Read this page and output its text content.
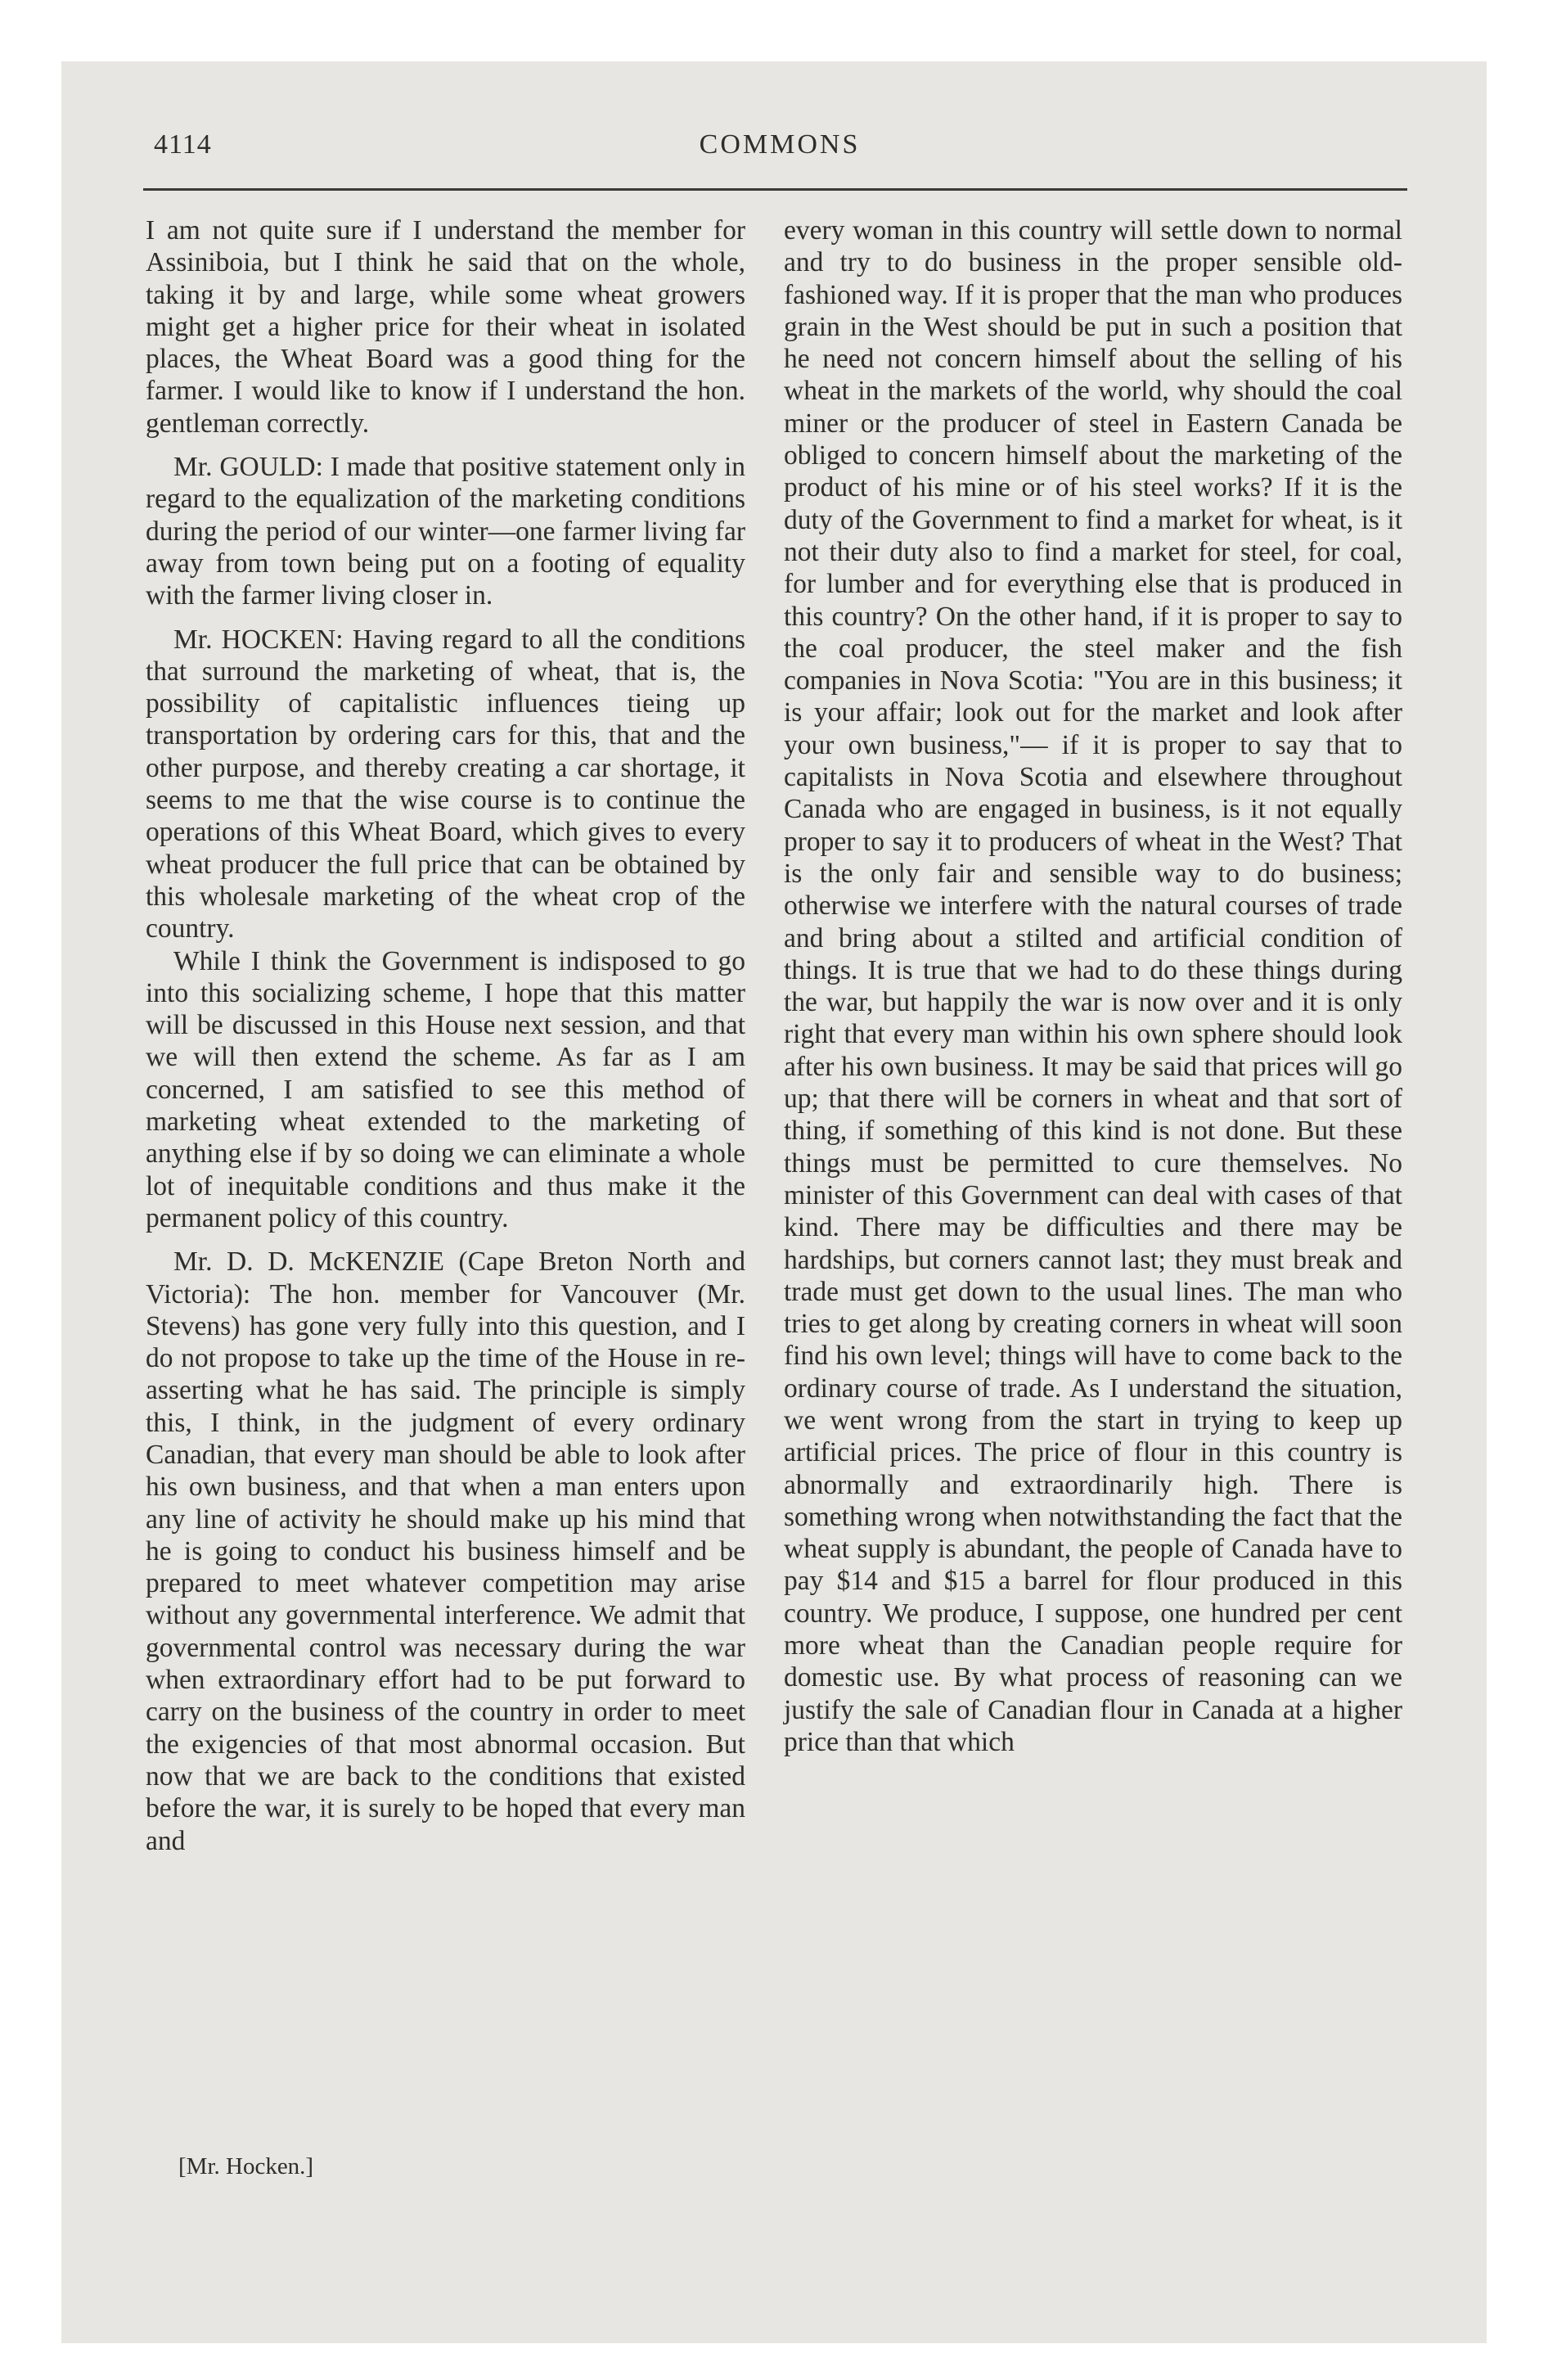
4114	COMMONS

I am not quite sure if I understand the member for Assiniboia, but I think he said that on the whole, taking it by and large, while some wheat growers might get a higher price for their wheat in isolated places, the Wheat Board was a good thing for the farmer. I would like to know if I understand the hon. gentleman correctly.

Mr. GOULD: I made that positive statement only in regard to the equalization of the marketing conditions during the period of our winter—one farmer living far away from town being put on a footing of equality with the farmer living closer in.

Mr. HOCKEN: Having regard to all the conditions that surround the marketing of wheat, that is, the possibility of capitalistic influences tieing up transportation by ordering cars for this, that and the other purpose, and thereby creating a car shortage, it seems to me that the wise course is to continue the operations of this Wheat Board, which gives to every wheat producer the full price that can be obtained by this wholesale marketing of the wheat crop of the country.

While I think the Government is indisposed to go into this socializing scheme, I hope that this matter will be discussed in this House next session, and that we will then extend the scheme. As far as I am concerned, I am satisfied to see this method of marketing wheat extended to the marketing of anything else if by so doing we can eliminate a whole lot of inequitable conditions and thus make it the permanent policy of this country.

Mr. D. D. McKENZIE (Cape Breton North and Victoria): The hon. member for Vancouver (Mr. Stevens) has gone very fully into this question, and I do not propose to take up the time of the House in re-asserting what he has said. The principle is simply this, I think, in the judgment of every ordinary Canadian, that every man should be able to look after his own business, and that when a man enters upon any line of activity he should make up his mind that he is going to conduct his business himself and be prepared to meet whatever competition may arise without any governmental interference. We admit that governmental control was necessary during the war when extraordinary effort had to be put forward to carry on the business of the country in order to meet the exigencies of that most abnormal occasion. But now that we are back to the conditions that existed before the war, it is surely to be hoped that every man and

every woman in this country will settle down to normal and try to do business in the proper sensible old-fashioned way. If it is proper that the man who produces grain in the West should be put in such a position that he need not concern himself about the selling of his wheat in the markets of the world, why should the coal miner or the producer of steel in Eastern Canada be obliged to concern himself about the marketing of the product of his mine or of his steel works? If it is the duty of the Government to find a market for wheat, is it not their duty also to find a market for steel, for coal, for lumber and for everything else that is produced in this country? On the other hand, if it is proper to say to the coal producer, the steel maker and the fish companies in Nova Scotia: "You are in this business; it is your affair; look out for the market and look after your own business,"— if it is proper to say that to capitalists in Nova Scotia and elsewhere throughout Canada who are engaged in business, is it not equally proper to say it to producers of wheat in the West? That is the only fair and sensible way to do business; otherwise we interfere with the natural courses of trade and bring about a stilted and artificial condition of things. It is true that we had to do these things during the war, but happily the war is now over and it is only right that every man within his own sphere should look after his own business. It may be said that prices will go up; that there will be corners in wheat and that sort of thing, if something of this kind is not done. But these things must be permitted to cure themselves. No minister of this Government can deal with cases of that kind. There may be difficulties and there may be hardships, but corners cannot last; they must break and trade must get down to the usual lines. The man who tries to get along by creating corners in wheat will soon find his own level; things will have to come back to the ordinary course of trade. As I understand the situation, we went wrong from the start in trying to keep up artificial prices. The price of flour in this country is abnormally and extraordinarily high. There is something wrong when notwithstanding the fact that the wheat supply is abundant, the people of Canada have to pay $14 and $15 a barrel for flour produced in this country. We produce, I suppose, one hundred per cent more wheat than the Canadian people require for domestic use. By what process of reasoning can we justify the sale of Canadian flour in Canada at a higher price than that which

[Mr. Hocken.]
